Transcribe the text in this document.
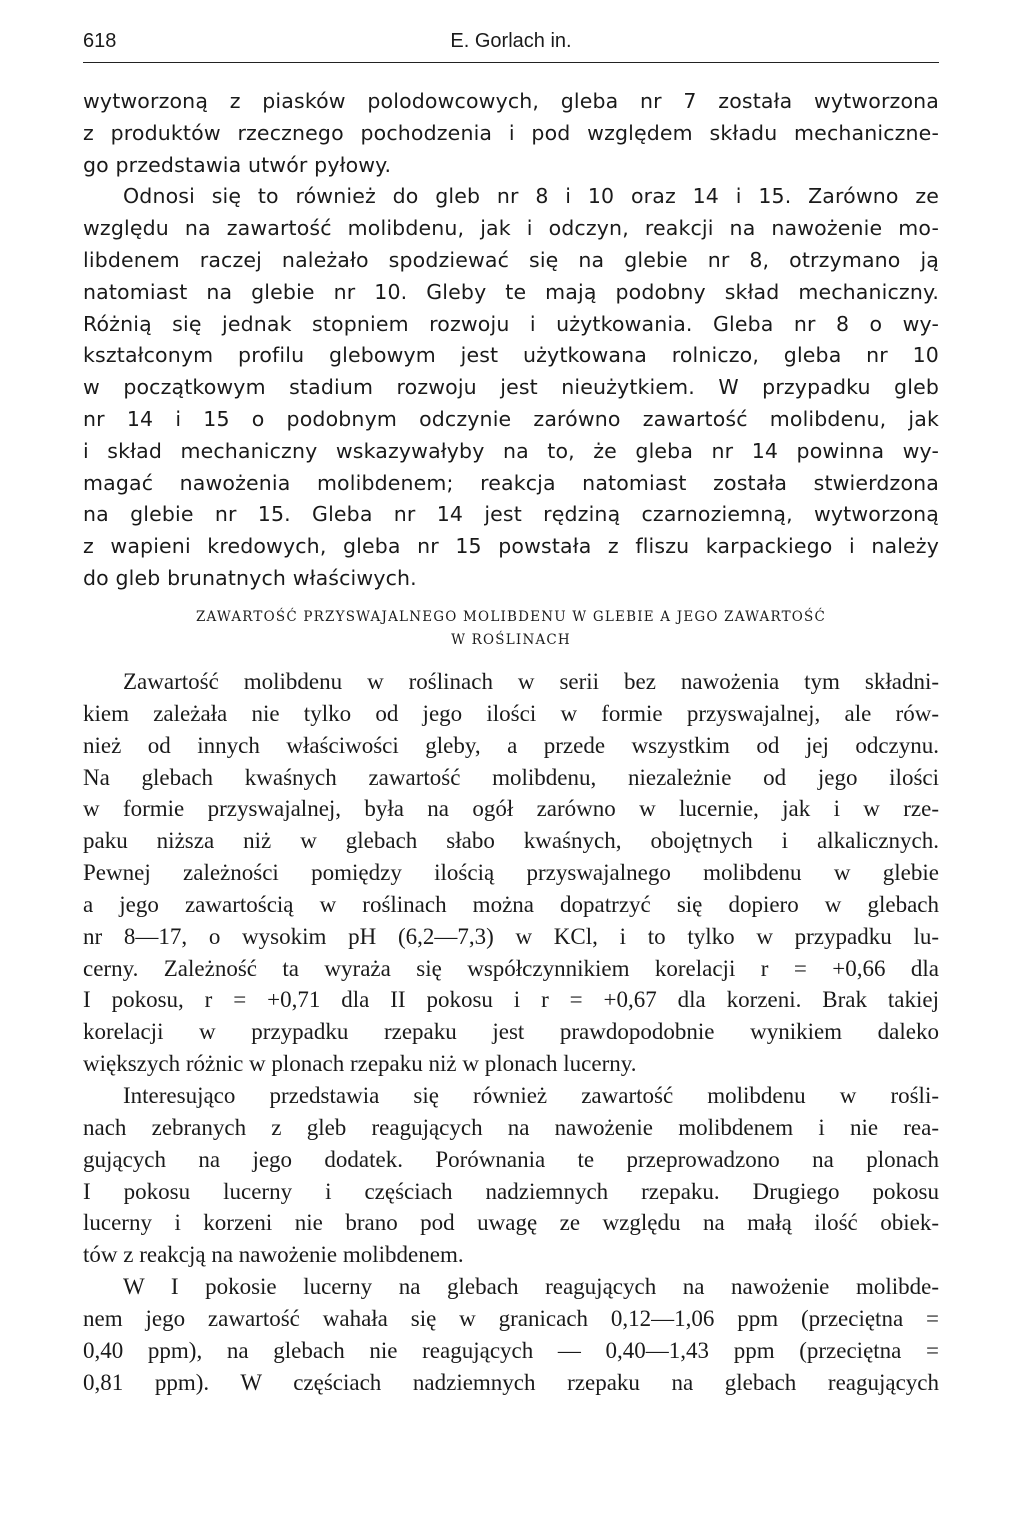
618	E. Gorlach in.
wytworzoną z piasków polodowcowych, gleba nr 7 została wytworzona
z produktów rzecznego pochodzenia i pod względem składu mechaniczne-
go przedstawia utwór pyłowy.
Odnosi się to również do gleb nr 8 i 10 oraz 14 i 15. Zarówno ze
względu na zawartość molibdenu, jak i odczyn, reakcji na nawożenie mo-
libdenem raczej należało spodziewać się na glebie nr 8, otrzymano ją
natomiast na glebie nr 10. Gleby te mają podobny skład mechaniczny.
Różnią się jednak stopniem rozwoju i użytkowania. Gleba nr 8 o wy-
kształconym profilu glebowym jest użytkowana rolniczo, gleba nr 10
w początkowym stadium rozwoju jest nieużytkiem. W przypadku gleb
nr 14 i 15 o podobnym odczynie zarówno zawartość molibdenu, jak
i skład mechaniczny wskazywałyby na to, że gleba nr 14 powinna wy-
magać nawożenia molibdenem; reakcja natomiast została stwierdzona
na glebie nr 15. Gleba nr 14 jest rędziną czarnoziemną, wytworzoną
z wapieni kredowych, gleba nr 15 powstała z fliszu karpackiego i należy
do gleb brunatnych właściwych.
ZAWARTOŚĆ PRZYSWAJALNEGO MOLIBDENU W GLEBIE A JEGO ZAWARTOŚĆ
W ROŚLINACH
Zawartość molibdenu w roślinach w serii bez nawożenia tym składni-
kiem zależała nie tylko od jego ilości w formie przyswajalnej, ale rów-
nież od innych właściwości gleby, a przede wszystkim od jej odczynu.
Na glebach kwaśnych zawartość molibdenu, niezależnie od jego ilości
w formie przyswajalnej, była na ogół zarówno w lucernie, jak i w rze-
paku niższa niż w glebach słabo kwaśnych, obojętnych i alkalicznych.
Pewnej zależności pomiędzy ilością przyswajalnego molibdenu w glebie
a jego zawartością w roślinach można dopatrzyć się dopiero w glebach
nr 8—17, o wysokim pH (6,2—7,3) w KCl, i to tylko w przypadku lu-
cerny. Zależność ta wyraża się współczynnikiem korelacji r = +0,66 dla
I pokosu, r = +0,71 dla II pokosu i r = +0,67 dla korzeni. Brak takiej
korelacji w przypadku rzepaku jest prawdopodobnie wynikiem daleko
większych różnic w plonach rzepaku niż w plonach lucerny.
Interesująco przedstawia się również zawartość molibdenu w rośli-
nach zebranych z gleb reagujących na nawożenie molibdenem i nie rea-
gujących na jego dodatek. Porównania te przeprowadzono na plonach
I pokosu lucerny i częściach nadziemnych rzepaku. Drugiego pokosu
lucerny i korzeni nie brano pod uwagę ze względu na małą ilość obiek-
tów z reakcją na nawożenie molibdenem.
W I pokosie lucerny na glebach reagujących na nawożenie molibde-
nem jego zawartość wahała się w granicach 0,12—1,06 ppm (przeciętna =
0,40 ppm), na glebach nie reagujących — 0,40—1,43 ppm (przeciętna =
0,81 ppm). W częściach nadziemnych rzepaku na glebach reagujących
